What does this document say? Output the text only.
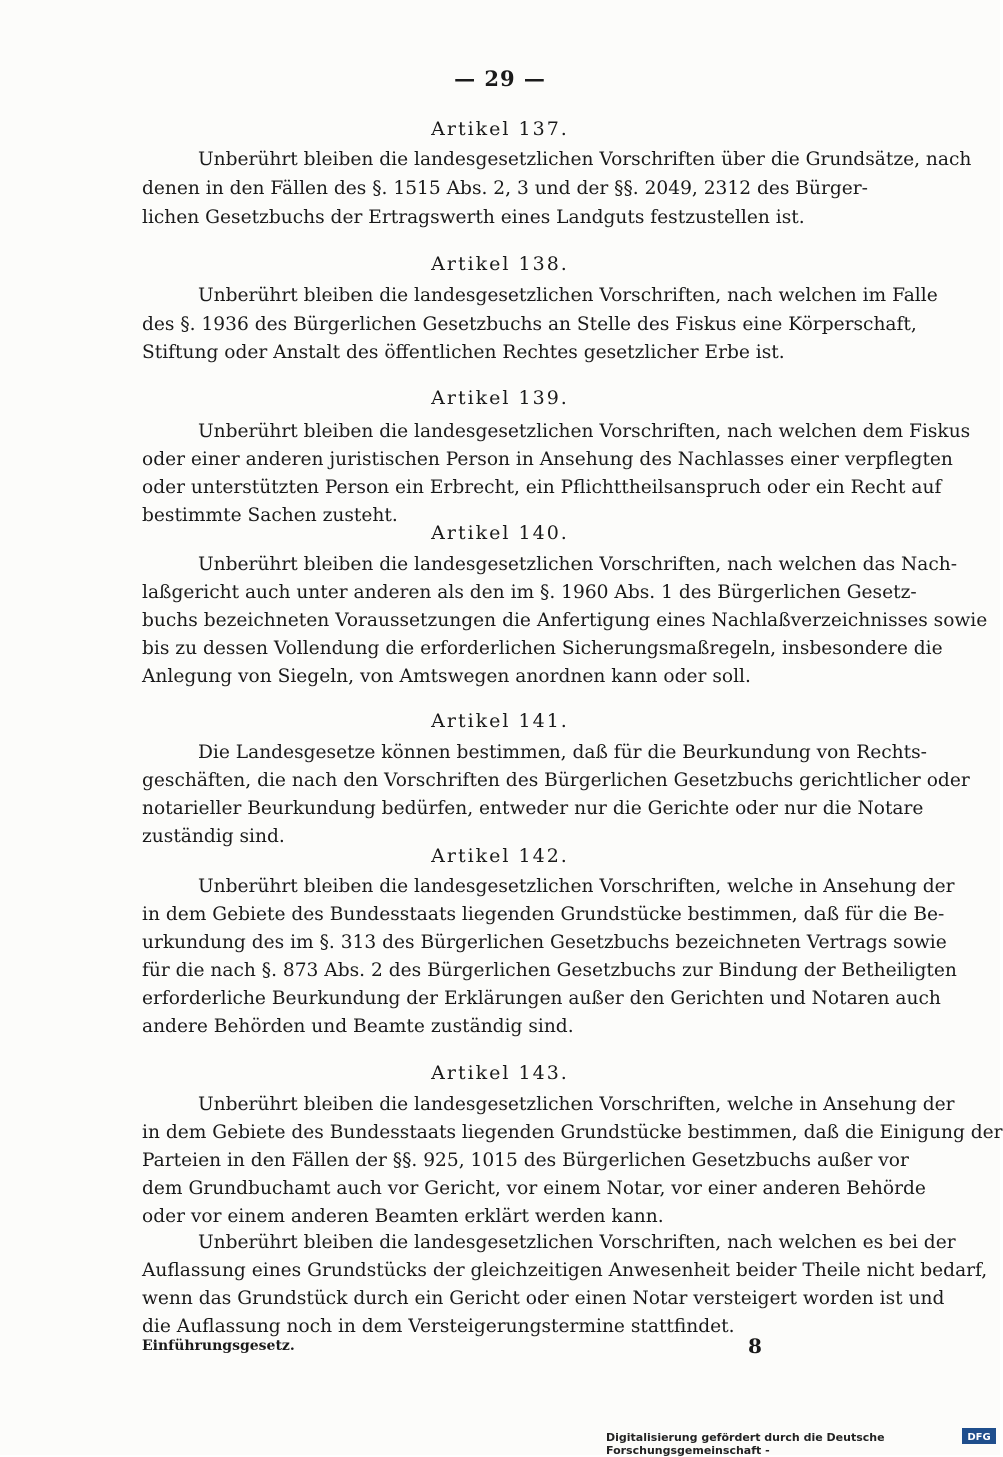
— 29 —
Artikel 137.
Unberührt bleiben die landesgesetzlichen Vorschriften über die Grundsätze, nach
denen in den Fällen des §. 1515 Abs. 2, 3 und der §§. 2049, 2312 des Bürger-
lichen Gesetzbuchs der Ertragswerth eines Landguts festzustellen ist.
Artikel 138.
Unberührt bleiben die landesgesetzlichen Vorschriften, nach welchen im Falle
des §. 1936 des Bürgerlichen Gesetzbuchs an Stelle des Fiskus eine Körperschaft,
Stiftung oder Anstalt des öffentlichen Rechtes gesetzlicher Erbe ist.
Artikel 139.
Unberührt bleiben die landesgesetzlichen Vorschriften, nach welchen dem Fiskus
oder einer anderen juristischen Person in Ansehung des Nachlasses einer verpflegten
oder unterstützten Person ein Erbrecht, ein Pflichttheilsanspruch oder ein Recht auf
bestimmte Sachen zusteht.
Artikel 140.
Unberührt bleiben die landesgesetzlichen Vorschriften, nach welchen das Nach-
laßgericht auch unter anderen als den im §. 1960 Abs. 1 des Bürgerlichen Gesetz-
buchs bezeichneten Voraussetzungen die Anfertigung eines Nachlaßverzeichnisses sowie
bis zu dessen Vollendung die erforderlichen Sicherungsmaßregeln, insbesondere die
Anlegung von Siegeln, von Amtswegen anordnen kann oder soll.
Artikel 141.
Die Landesgesetze können bestimmen, daß für die Beurkundung von Rechts-
geschäften, die nach den Vorschriften des Bürgerlichen Gesetzbuchs gerichtlicher oder
notarieller Beurkundung bedürfen, entweder nur die Gerichte oder nur die Notare
zuständig sind.
Artikel 142.
Unberührt bleiben die landesgesetzlichen Vorschriften, welche in Ansehung der
in dem Gebiete des Bundesstaats liegenden Grundstücke bestimmen, daß für die Be-
urkundung des im §. 313 des Bürgerlichen Gesetzbuchs bezeichneten Vertrags sowie
für die nach §. 873 Abs. 2 des Bürgerlichen Gesetzbuchs zur Bindung der Betheiligten
erforderliche Beurkundung der Erklärungen außer den Gerichten und Notaren auch
andere Behörden und Beamte zuständig sind.
Artikel 143.
Unberührt bleiben die landesgesetzlichen Vorschriften, welche in Ansehung der
in dem Gebiete des Bundesstaats liegenden Grundstücke bestimmen, daß die Einigung der
Parteien in den Fällen der §§. 925, 1015 des Bürgerlichen Gesetzbuchs außer vor
dem Grundbuchamt auch vor Gericht, vor einem Notar, vor einer anderen Behörde
oder vor einem anderen Beamten erklärt werden kann.
Unberührt bleiben die landesgesetzlichen Vorschriften, nach welchen es bei der
Auflassung eines Grundstücks der gleichzeitigen Anwesenheit beider Theile nicht bedarf,
wenn das Grundstück durch ein Gericht oder einen Notar versteigert worden ist und
die Auflassung noch in dem Versteigerungstermine stattfindet.
Einführungsgesetz.	8
Digitalisierung gefördert durch die Deutsche Forschungsgemeinschaft -
DFG
